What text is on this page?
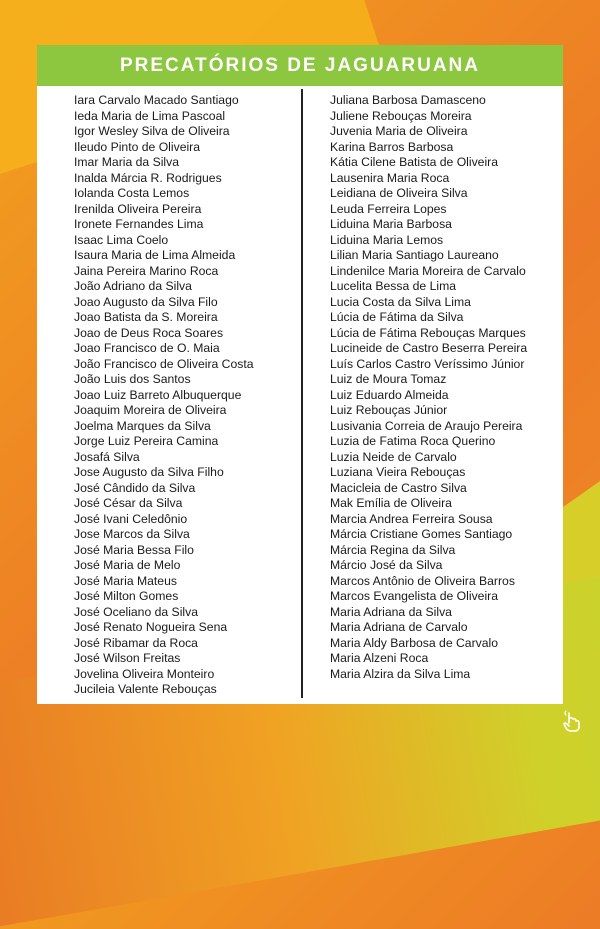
PRECATÓRIOS DE JAGUARUANA
Iara Carvalo Macado Santiago
Ieda Maria de Lima Pascoal
Igor Wesley Silva de Oliveira
Ileudo Pinto de Oliveira
Imar Maria da Silva
Inalda Márcia R. Rodrigues
Iolanda Costa Lemos
Irenilda Oliveira Pereira
Ironete Fernandes Lima
Isaac Lima Coelo
Isaura Maria de Lima Almeida
Jaina Pereira Marino Roca
João Adriano da Silva
Joao Augusto da Silva Filo
Joao Batista da S. Moreira
Joao de Deus Roca Soares
Joao Francisco de O. Maia
João Francisco de Oliveira Costa
João Luis dos Santos
Joao Luiz Barreto Albuquerque
Joaquim Moreira de Oliveira
Joelma Marques da Silva
Jorge Luiz Pereira Camina
Josafá Silva
Jose Augusto da Silva Filho
José Cândido da Silva
José César da Silva
José Ivani Celedônio
Jose Marcos da Silva
José Maria Bessa Filo
José Maria de Melo
José Maria Mateus
José Milton Gomes
José Oceliano da Silva
José Renato Nogueira Sena
José Ribamar da Roca
José Wilson Freitas
Jovelina Oliveira Monteiro
Jucileia Valente Rebouças
Juliana Barbosa Damasceno
Juliene Rebouças Moreira
Juvenia Maria de Oliveira
Karina Barros Barbosa
Kátia Cilene Batista de Oliveira
Lausenira Maria Roca
Leidiana de Oliveira Silva
Leuda Ferreira Lopes
Liduina Maria Barbosa
Liduina Maria Lemos
Lilian Maria Santiago Laureano
Lindenilce Maria Moreira de Carvalo
Lucelita Bessa de Lima
Lucia Costa da Silva Lima
Lúcia de Fátima da Silva
Lúcia de Fátima Rebouças Marques
Lucineide de Castro Beserra Pereira
Luís Carlos Castro Veríssimo Júnior
Luiz de Moura Tomaz
Luiz Eduardo Almeida
Luiz Rebouças Júnior
Lusivania Correia de Araujo Pereira
Luzia de Fatima Roca Querino
Luzia Neide de Carvalo
Luziana Vieira Rebouças
Macicleia de Castro Silva
Mak Emília de Oliveira
Marcia Andrea Ferreira Sousa
Márcia Cristiane Gomes Santiago
Márcia Regina da Silva
Márcio José da Silva
Marcos Antônio de Oliveira Barros
Marcos Evangelista de Oliveira
Maria Adriana da Silva
Maria Adriana de Carvalo
Maria Aldy Barbosa de Carvalo
Maria Alzeni Roca
Maria Alzira da Silva Lima
